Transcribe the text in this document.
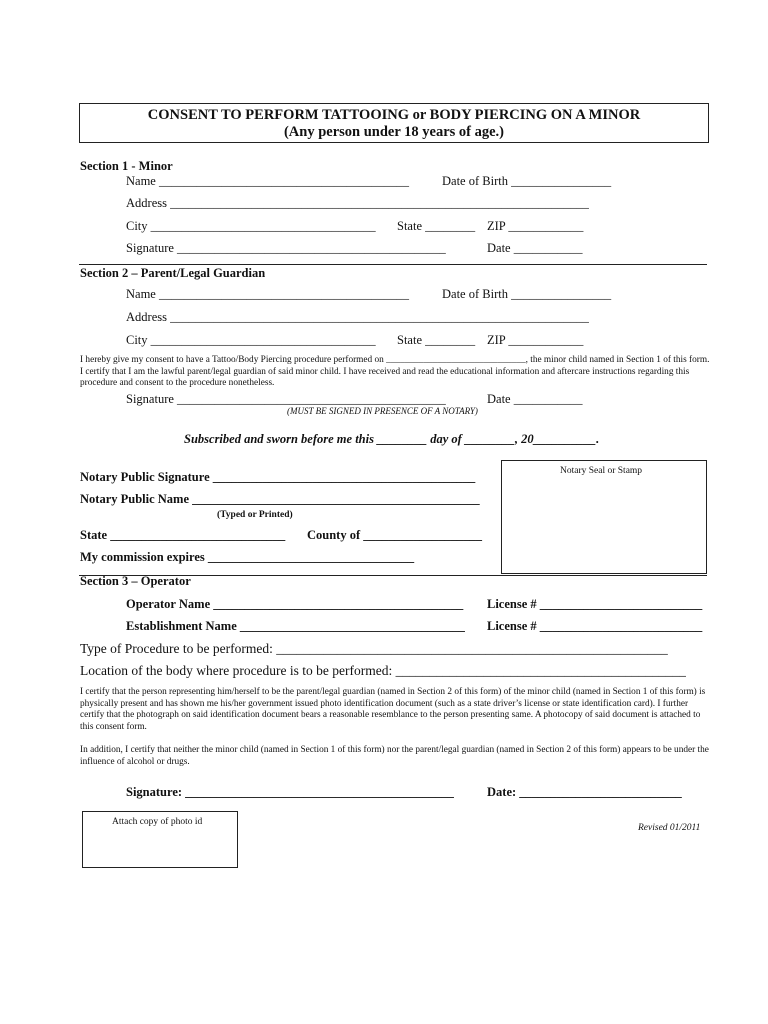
CONSENT TO PERFORM TATTOOING or BODY PIERCING ON A MINOR
(Any person under 18 years of age.)
Section 1 - Minor
Name ________________________________________	Date of Birth ________________
Address ___________________________________________________________________
City ____________________________________ State ________ ZIP ____________
Signature ___________________________________________	Date ___________
Section 2 – Parent/Legal Guardian
Name ________________________________________	Date of Birth ________________
Address ___________________________________________________________________
City ____________________________________ State ________ ZIP ____________
I hereby give my consent to have a Tattoo/Body Piercing procedure performed on ______________________________, the minor child named in Section 1 of this form. I certify that I am the lawful parent/legal guardian of said minor child. I have received and read the educational information and aftercare instructions regarding this procedure and consent to the procedure nonetheless.
Signature ___________________________________________	Date ___________
(MUST BE SIGNED IN PRESENCE OF A NOTARY)
Subscribed and sworn before me this ________ day of ________, 20__________.
Notary Public Signature __________________________________________
Notary Public Name ______________________________________________
(Typed or Printed)
State ____________________________ County of ___________________
My commission expires _________________________________
Notary Seal or Stamp
Section 3 – Operator
Operator Name ________________________________________ License # __________________________
Establishment Name ____________________________________ License # __________________________
Type of Procedure to be performed: __________________________________________________________
Location of the body where procedure is to be performed: ___________________________________________
I certify that the person representing him/herself to be the parent/legal guardian (named in Section 2 of this form) of the minor child (named in Section 1 of this form) is physically present and has shown me his/her government issued photo identification document (such as a state driver’s license or state identification card). I further certify that the photograph on said identification document bears a reasonable resemblance to the person presenting same. A photocopy of said document is attached to this consent form.
In addition, I certify that neither the minor child (named in Section 1 of this form) nor the parent/legal guardian (named in Section 2 of this form) appears to be under the influence of alcohol or drugs.
Signature: ___________________________________________	Date: __________________________
Attach copy of photo id
Revised 01/2011
